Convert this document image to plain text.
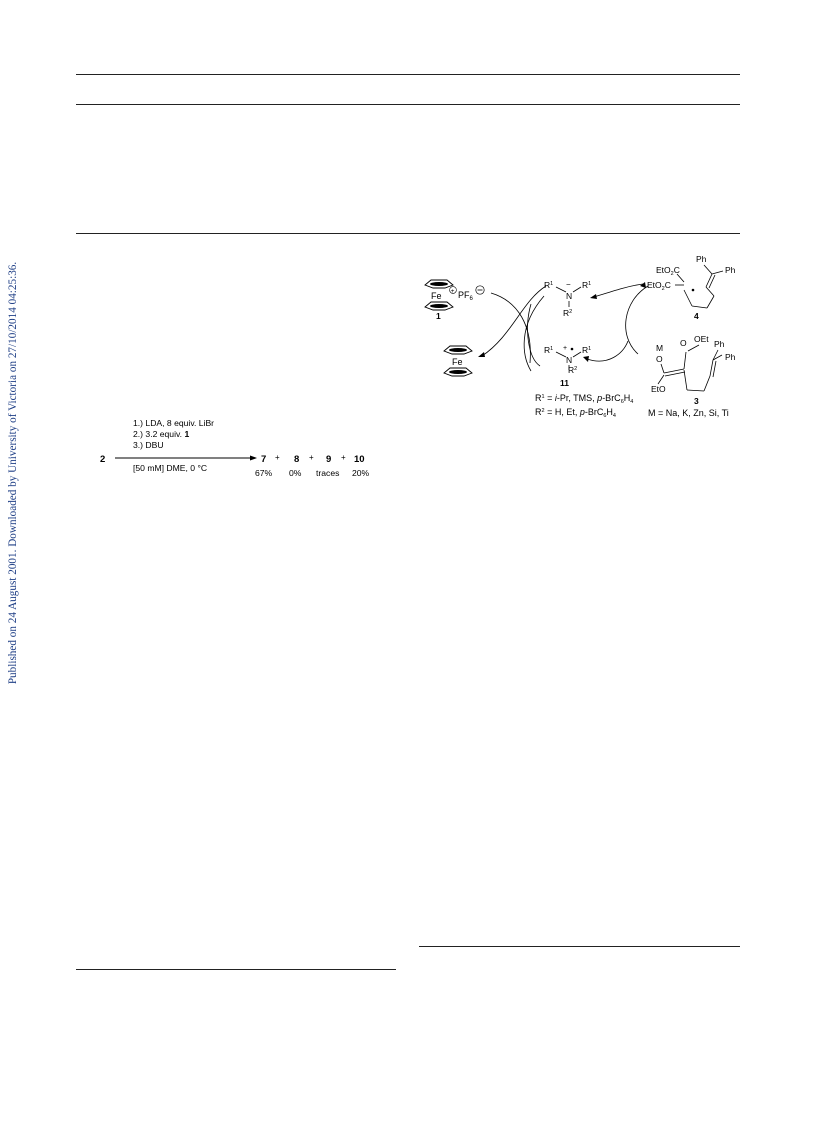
Published on 24 August 2001. Downloaded by University of Victoria on 27/10/2014 04:25:36.	2
1.) LDA, 8 equiv. LiBr
2.) 3.2 equiv. 1
3.) DBU
[50 mM] DME, 0 °C
7 + 8 + 9 + 10
67% 0% traces 20%
$Fe + PF_6$
1
Fe
$R^1$ −
N
$R^1$
$R^2$
$R^1$ +
N
$R^1$
$R^2$
11
$R^1 = i-Pr$, TMS, $p-BrC_6H_4$
$R^2 = H$, Et, $p-BrC_6H_4$
Ph
Ph
EtO$_2$C
EtO$_2$C
4
M
O
O OEt Ph
Ph
EtO
3
M = Na, K, Zn, Si, Ti
